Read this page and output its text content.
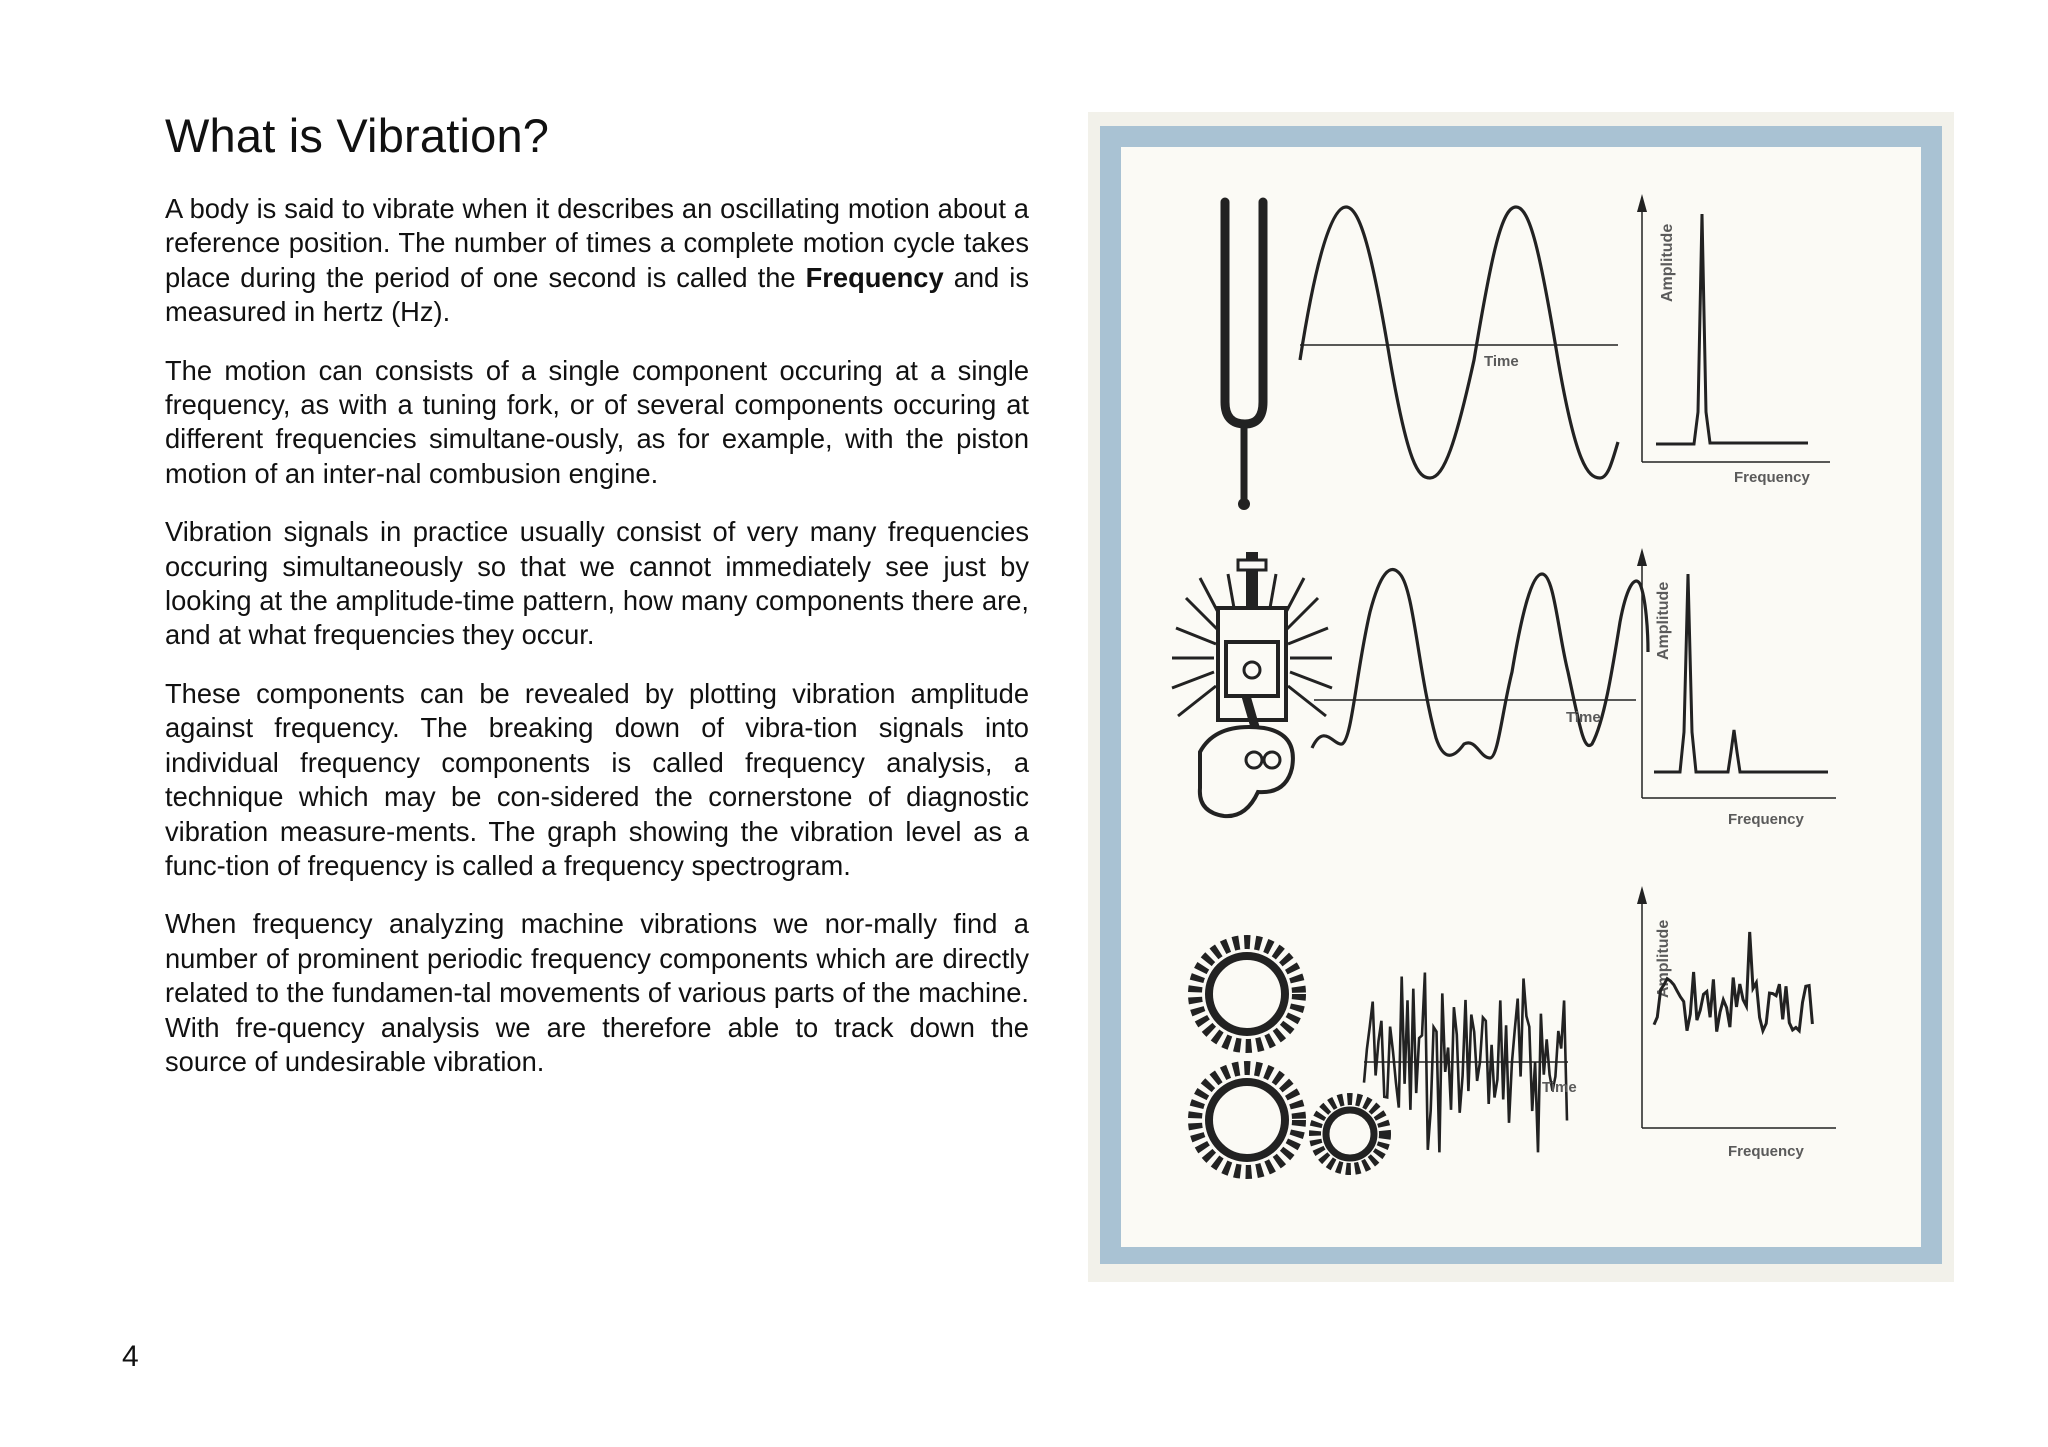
What is Vibration?

A body is said to vibrate when it describes an oscillating motion about a reference position. The number of times a complete motion cycle takes place during the period of one second is called the Frequency and is measured in hertz (Hz).

The motion can consists of a single component occuring at a single frequency, as with a tuning fork, or of several components occuring at different frequencies simultane-ously, as for example, with the piston motion of an inter-nal combusion engine.

Vibration signals in practice usually consist of very many frequencies occuring simultaneously so that we cannot immediately see just by looking at the amplitude-time pattern, how many components there are, and at what frequencies they occur.

These components can be revealed by plotting vibration amplitude against frequency. The breaking down of vibra-tion signals into individual frequency components is called frequency analysis, a technique which may be con-sidered the cornerstone of diagnostic vibration measure-ments. The graph showing the vibration level as a func-tion of frequency is called a frequency spectrogram.

When frequency analyzing machine vibrations we nor-mally find a number of prominent periodic frequency components which are directly related to the fundamen-tal movements of various parts of the machine. With fre-quency analysis we are therefore able to track down the source of undesirable vibration.

4
Time
Amplitude
Frequency
Time
Amplitude
Frequency
Time
Amplitude
Frequency
